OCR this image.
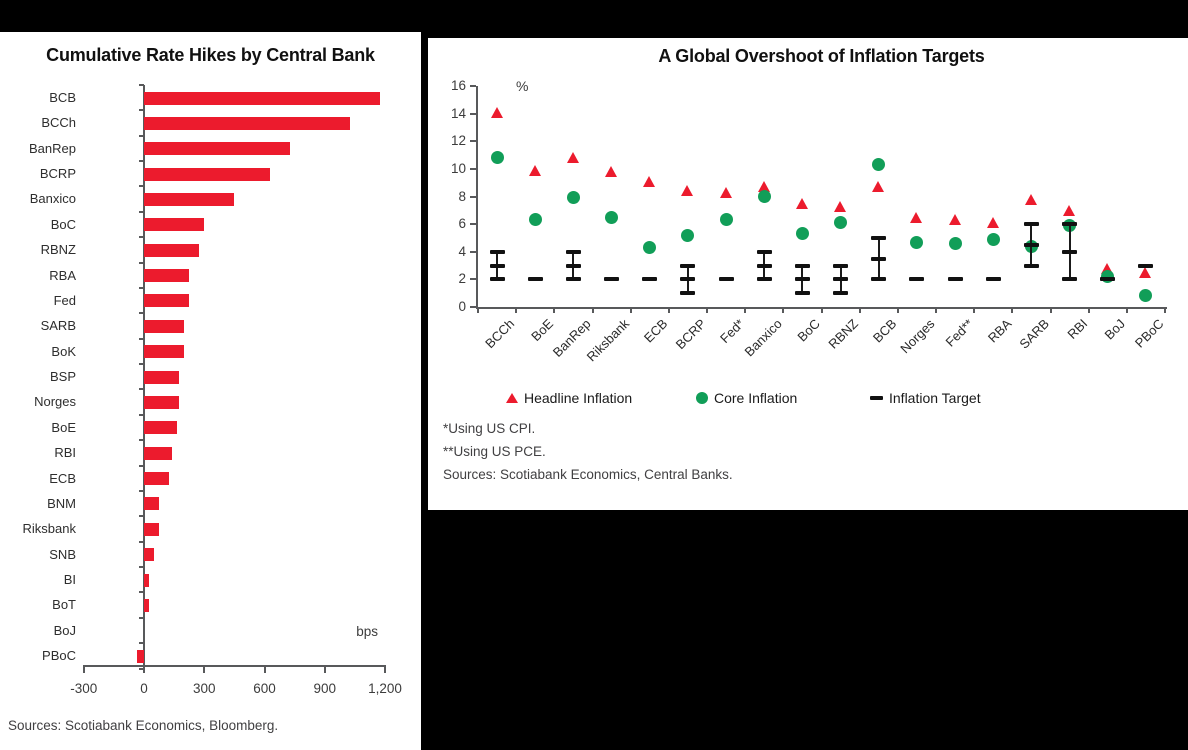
Cumulative Rate Hikes by Central Bank
BCB
BCCh
BanRep
BCRP
Banxico
BoC
RBNZ
RBA
Fed
SARB
BoK
BSP
Norges
BoE
RBI
ECB
BNM
Riksbank
SNB
BI
BoT
BoJ
PBoC
-300	0	300	600	900	1,200
bps
Sources: Scotiabank Economics, Bloomberg.
A Global Overshoot of Inflation Targets
%
0
2
4
6
8
10
12
14
16
BCCh BoE
BanRep
Riksbank ECB BCRP Fed*
Banxico BoC RBNZ BCB
Norges Fed** RBA SARB RBI BoJ PBoC
Headline Inflation	Core Inflation	Inflation Target
*Using US CPI.
**Using US PCE.
Sources: Scotiabank Economics, Central Banks.
